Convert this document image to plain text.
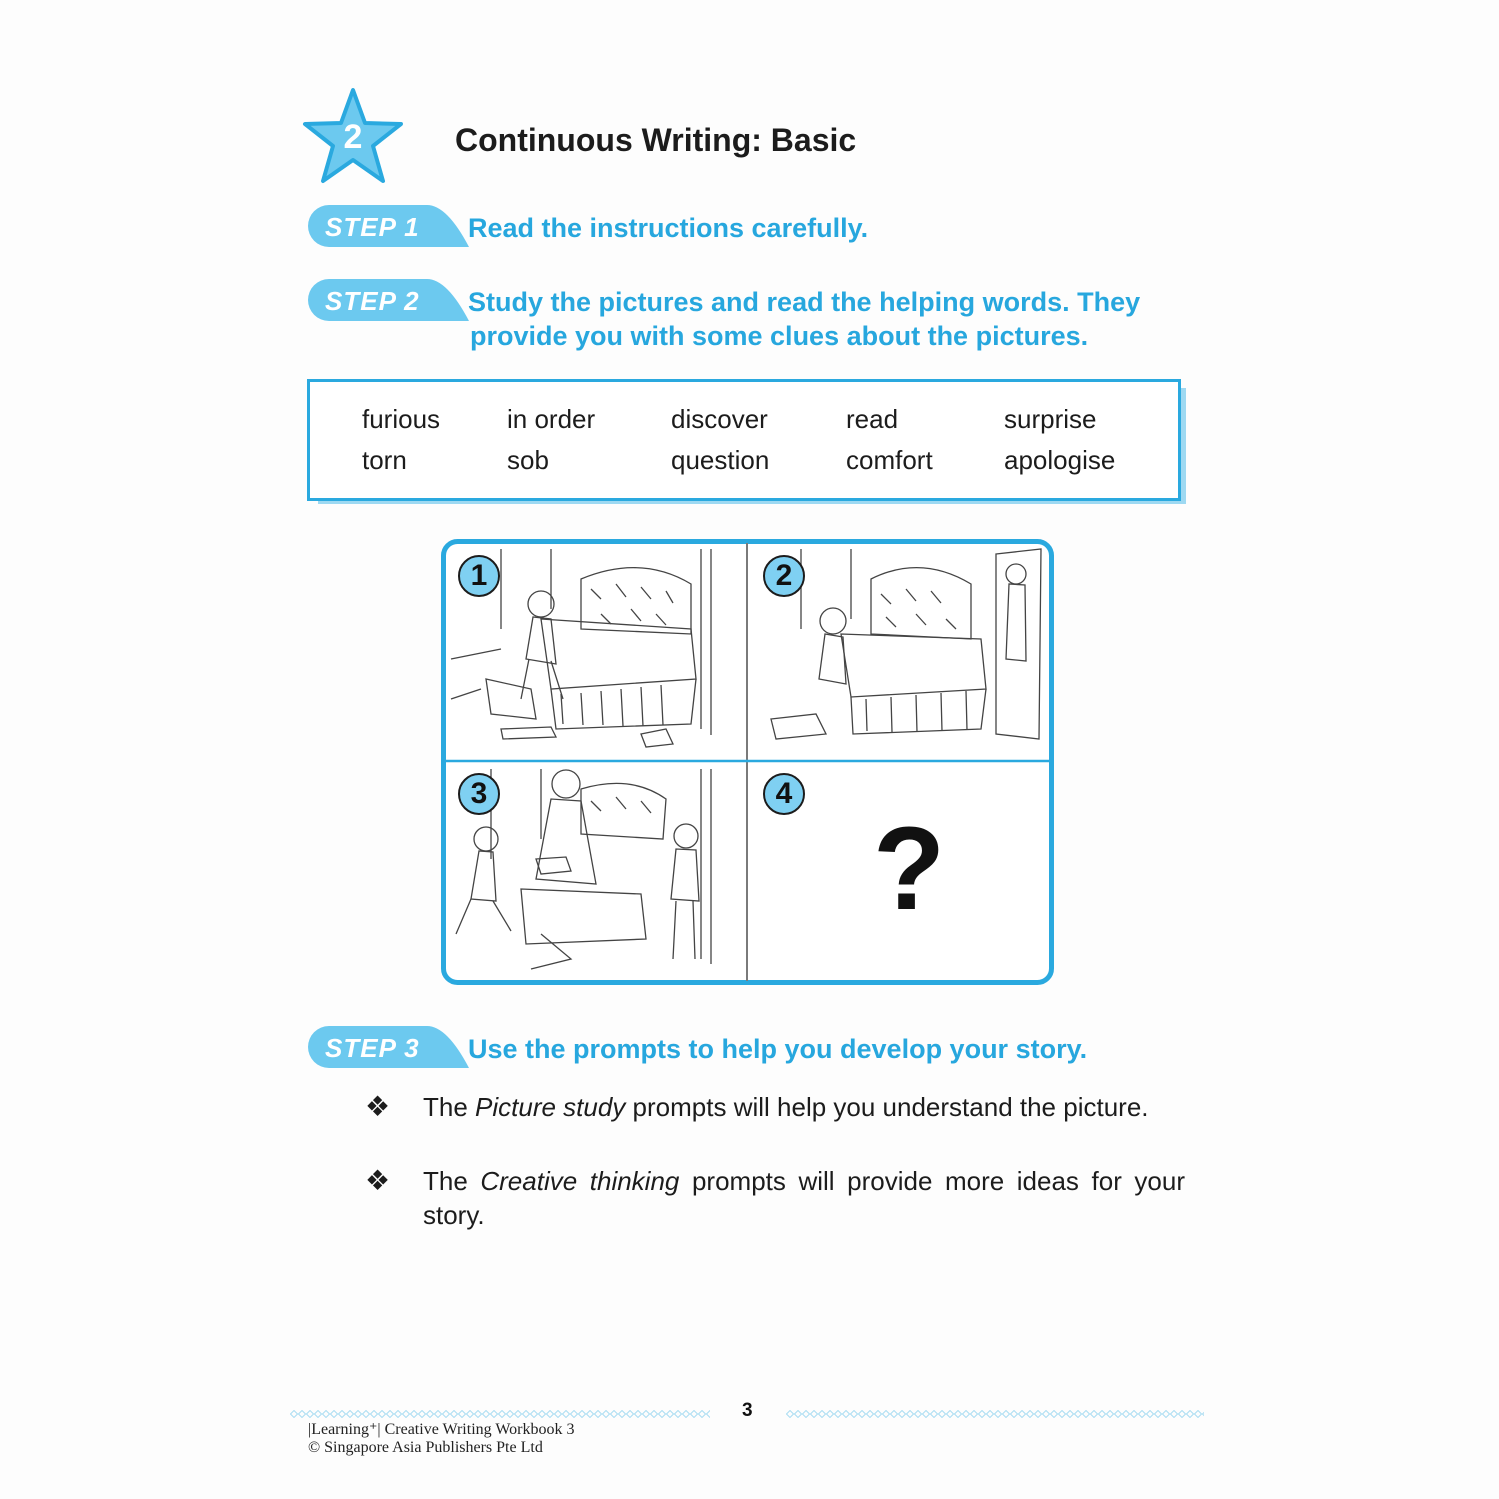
2	Continuous Writing: Basic
STEP 1 Read the instructions carefully.
STEP 2 Study the pictures and read the helping words. They
provide you with some clues about the pictures.
furious	in order	discover	read	surprise
torn	sob	question	comfort	apologise
1	2
3	4
?
STEP 3 Use the prompts to help you develop your story.
❖ The Picture study prompts will help you understand the picture.
❖ The Creative thinking prompts will provide more ideas for your story.
3
|Learning⁺| Creative Writing Workbook 3
© Singapore Asia Publishers Pte Ltd
